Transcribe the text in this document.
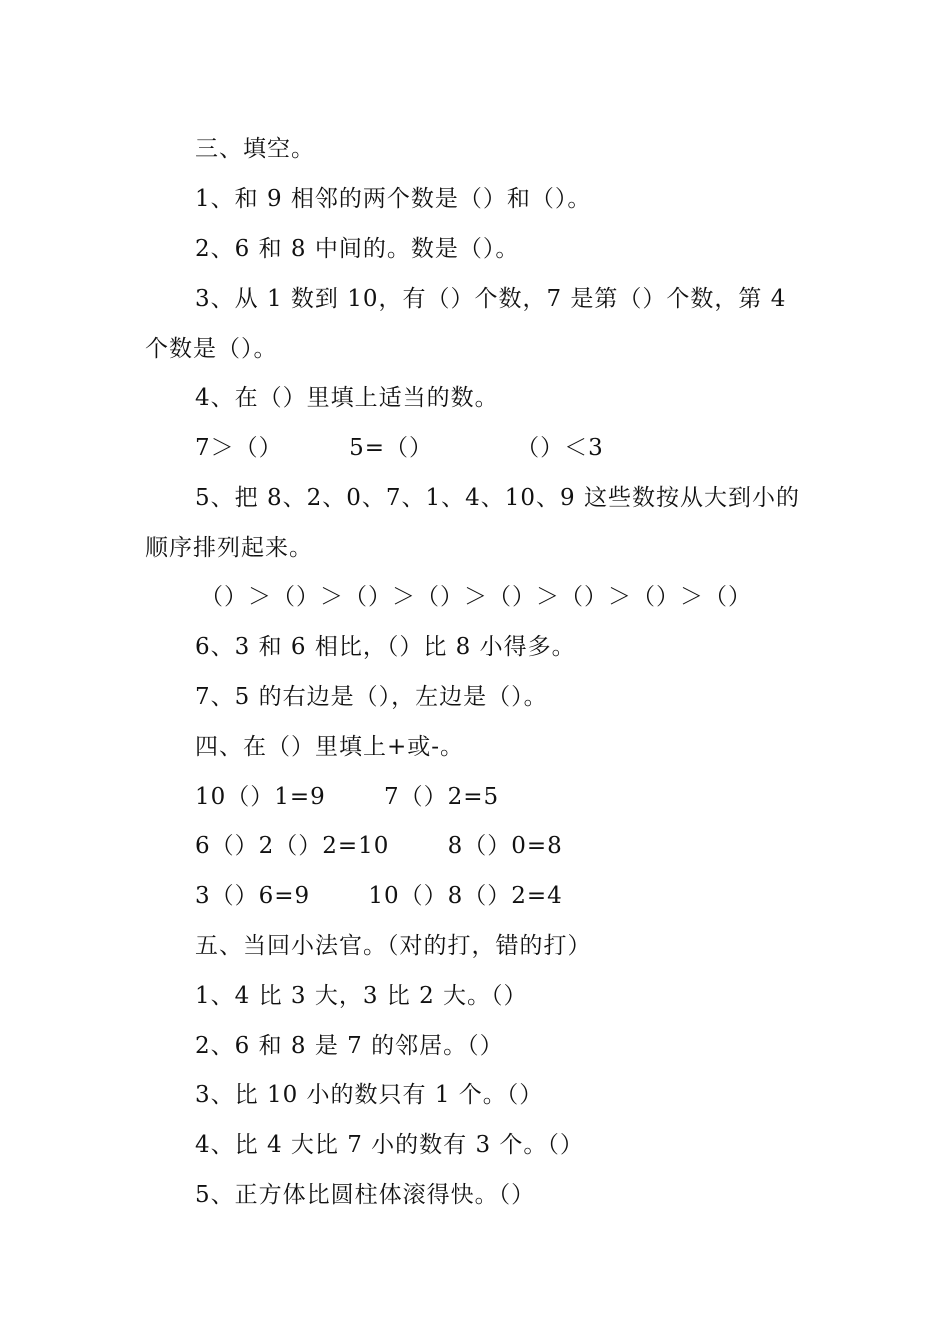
三、填空。
1、和 9 相邻的两个数是（）和（）。
2、6 和 8 中间的。数是（）。
3、从 1 数到 10，有（）个数，7 是第（）个数，第 4
个数是（）。
4、在（）里填上适当的数。
7＞（）        5=（）          （）＜3
5、把 8、2、0、7、1、4、10、9 这些数按从大到小的
顺序排列起来。
（）＞（）＞（）＞（）＞（）＞（）＞（）＞（）
6、3 和 6 相比，（）比 8 小得多。
7、5 的右边是（），左边是（）。
四、在（）里填上+或-。
10（）1=9       7（）2=5
6（）2（）2=10       8（）0=8
3（）6=9       10（）8（）2=4
五、当回小法官。（对的打，错的打）
1、4 比 3 大，3 比 2 大。（）
2、6 和 8 是 7 的邻居。（）
3、比 10 小的数只有 1 个。（）
4、比 4 大比 7 小的数有 3 个。（）
5、正方体比圆柱体滚得快。（）
